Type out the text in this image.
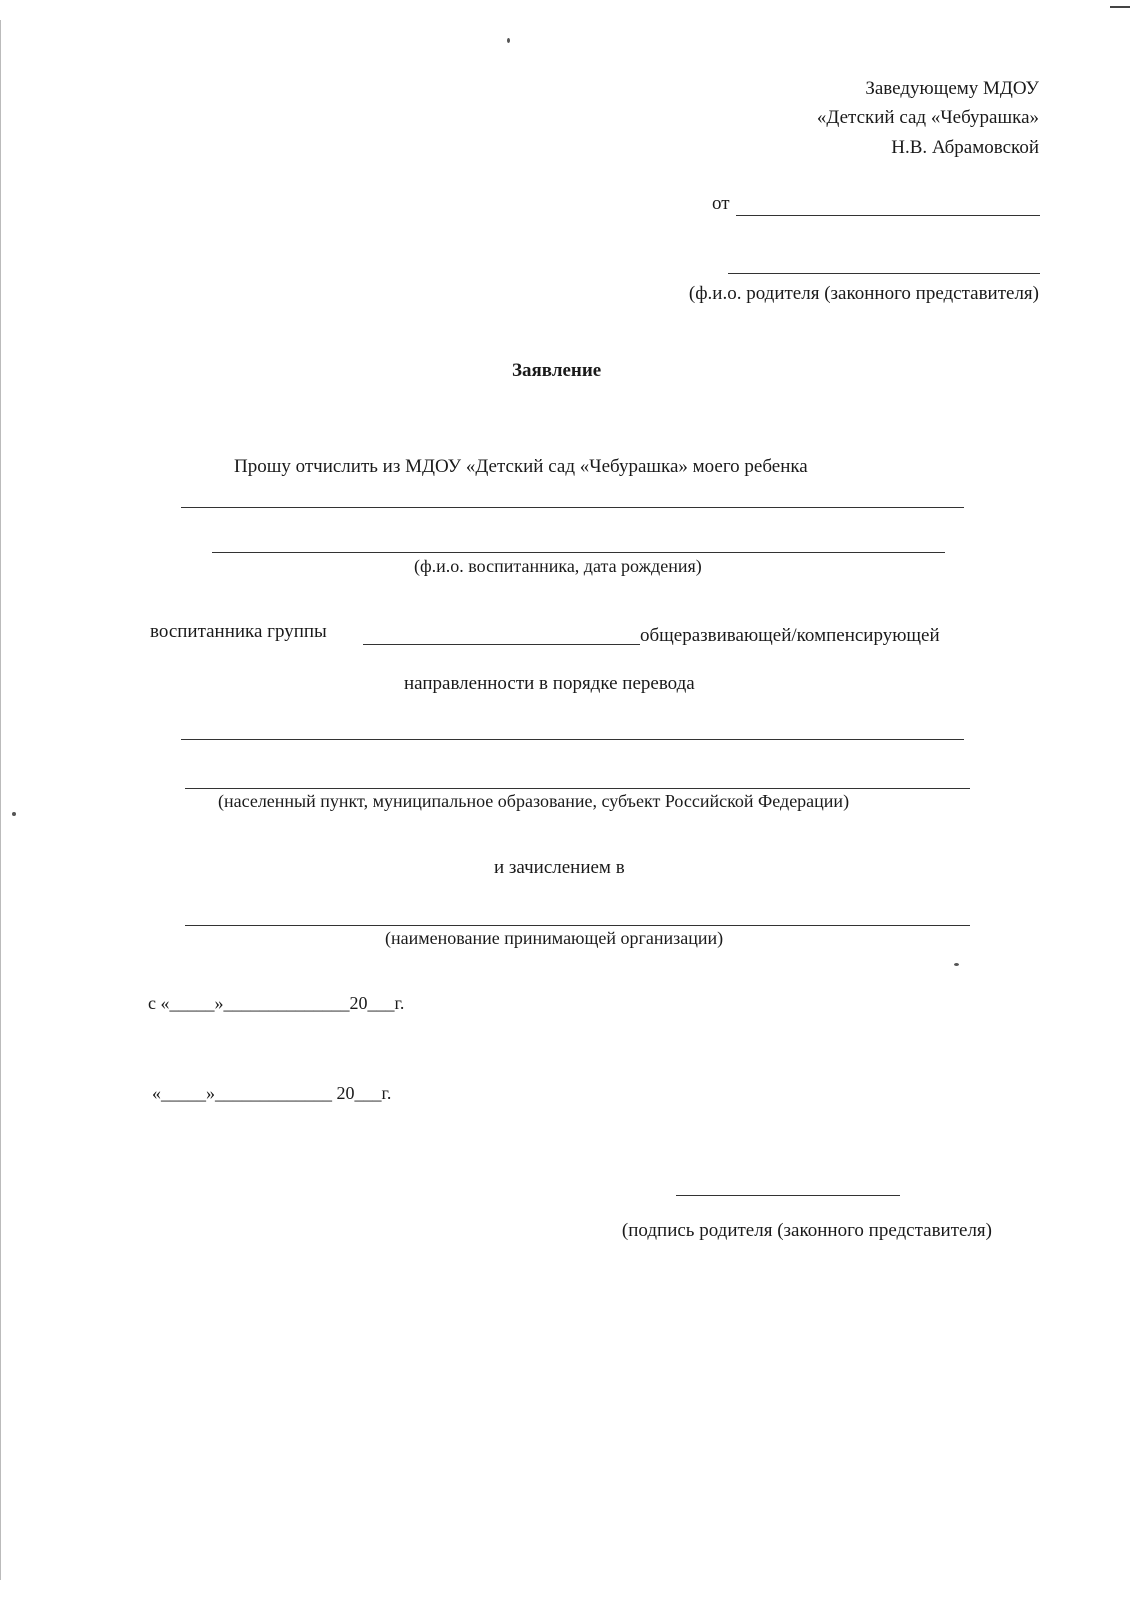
Заведующему МДОУ
«Детский сад «Чебурашка»
Н.В. Абрамовской
от
(ф.и.о. родителя (законного представителя)
Заявление
Прошу отчислить из МДОУ «Детский сад «Чебурашка» моего ребенка
(ф.и.о. воспитанника, дата рождения)
воспитанника группы	общеразвивающей/компенсирующей
направленности в порядке перевода
(населенный пункт, муниципальное образование, субъект Российской Федерации)
и зачислением в
(наименование принимающей организации)
с «_____»______________20___г.
«_____»_____________ 20___г.
(подпись родителя (законного представителя)
